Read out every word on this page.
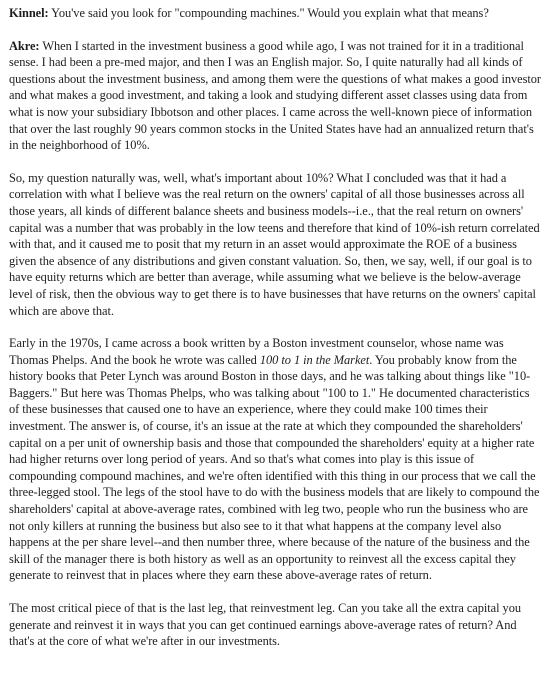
Kinnel: You've said you look for "compounding machines." Would you explain what that means?

Akre: When I started in the investment business a good while ago, I was not trained for it in a traditional sense. I had been a pre-med major, and then I was an English major. So, I quite naturally had all kinds of questions about the investment business, and among them were the questions of what makes a good investor and what makes a good investment, and taking a look and studying different asset classes using data from what is now your subsidiary Ibbotson and other places. I came across the well-known piece of information that over the last roughly 90 years common stocks in the United States have had an annualized return that's in the neighborhood of 10%.

So, my question naturally was, well, what's important about 10%? What I concluded was that it had a correlation with what I believe was the real return on the owners' capital of all those businesses across all those years, all kinds of different balance sheets and business models--i.e., that the real return on owners' capital was a number that was probably in the low teens and therefore that kind of 10%-ish return correlated with that, and it caused me to posit that my return in an asset would approximate the ROE of a business given the absence of any distributions and given constant valuation. So, then, we say, well, if our goal is to have equity returns which are better than average, while assuming what we believe is the below-average level of risk, then the obvious way to get there is to have businesses that have returns on the owners' capital which are above that.

Early in the 1970s, I came across a book written by a Boston investment counselor, whose name was Thomas Phelps. And the book he wrote was called 100 to 1 in the Market. You probably know from the history books that Peter Lynch was around Boston in those days, and he was talking about things like "10-Baggers." But here was Thomas Phelps, who was talking about "100 to 1." He documented characteristics of these businesses that caused one to have an experience, where they could make 100 times their investment. The answer is, of course, it's an issue at the rate at which they compounded the shareholders' capital on a per unit of ownership basis and those that compounded the shareholders' equity at a higher rate had higher returns over long period of years. And so that's what comes into play is this issue of compounding compound machines, and we're often identified with this thing in our process that we call the three-legged stool. The legs of the stool have to do with the business models that are likely to compound the shareholders' capital at above-average rates, combined with leg two, people who run the business who are not only killers at running the business but also see to it that what happens at the company level also happens at the per share level--and then number three, where because of the nature of the business and the skill of the manager there is both history as well as an opportunity to reinvest all the excess capital they generate to reinvest that in places where they earn these above-average rates of return.

The most critical piece of that is the last leg, that reinvestment leg. Can you take all the extra capital you generate and reinvest it in ways that you can get continued earnings above-average rates of return? And that's at the core of what we're after in our investments.
